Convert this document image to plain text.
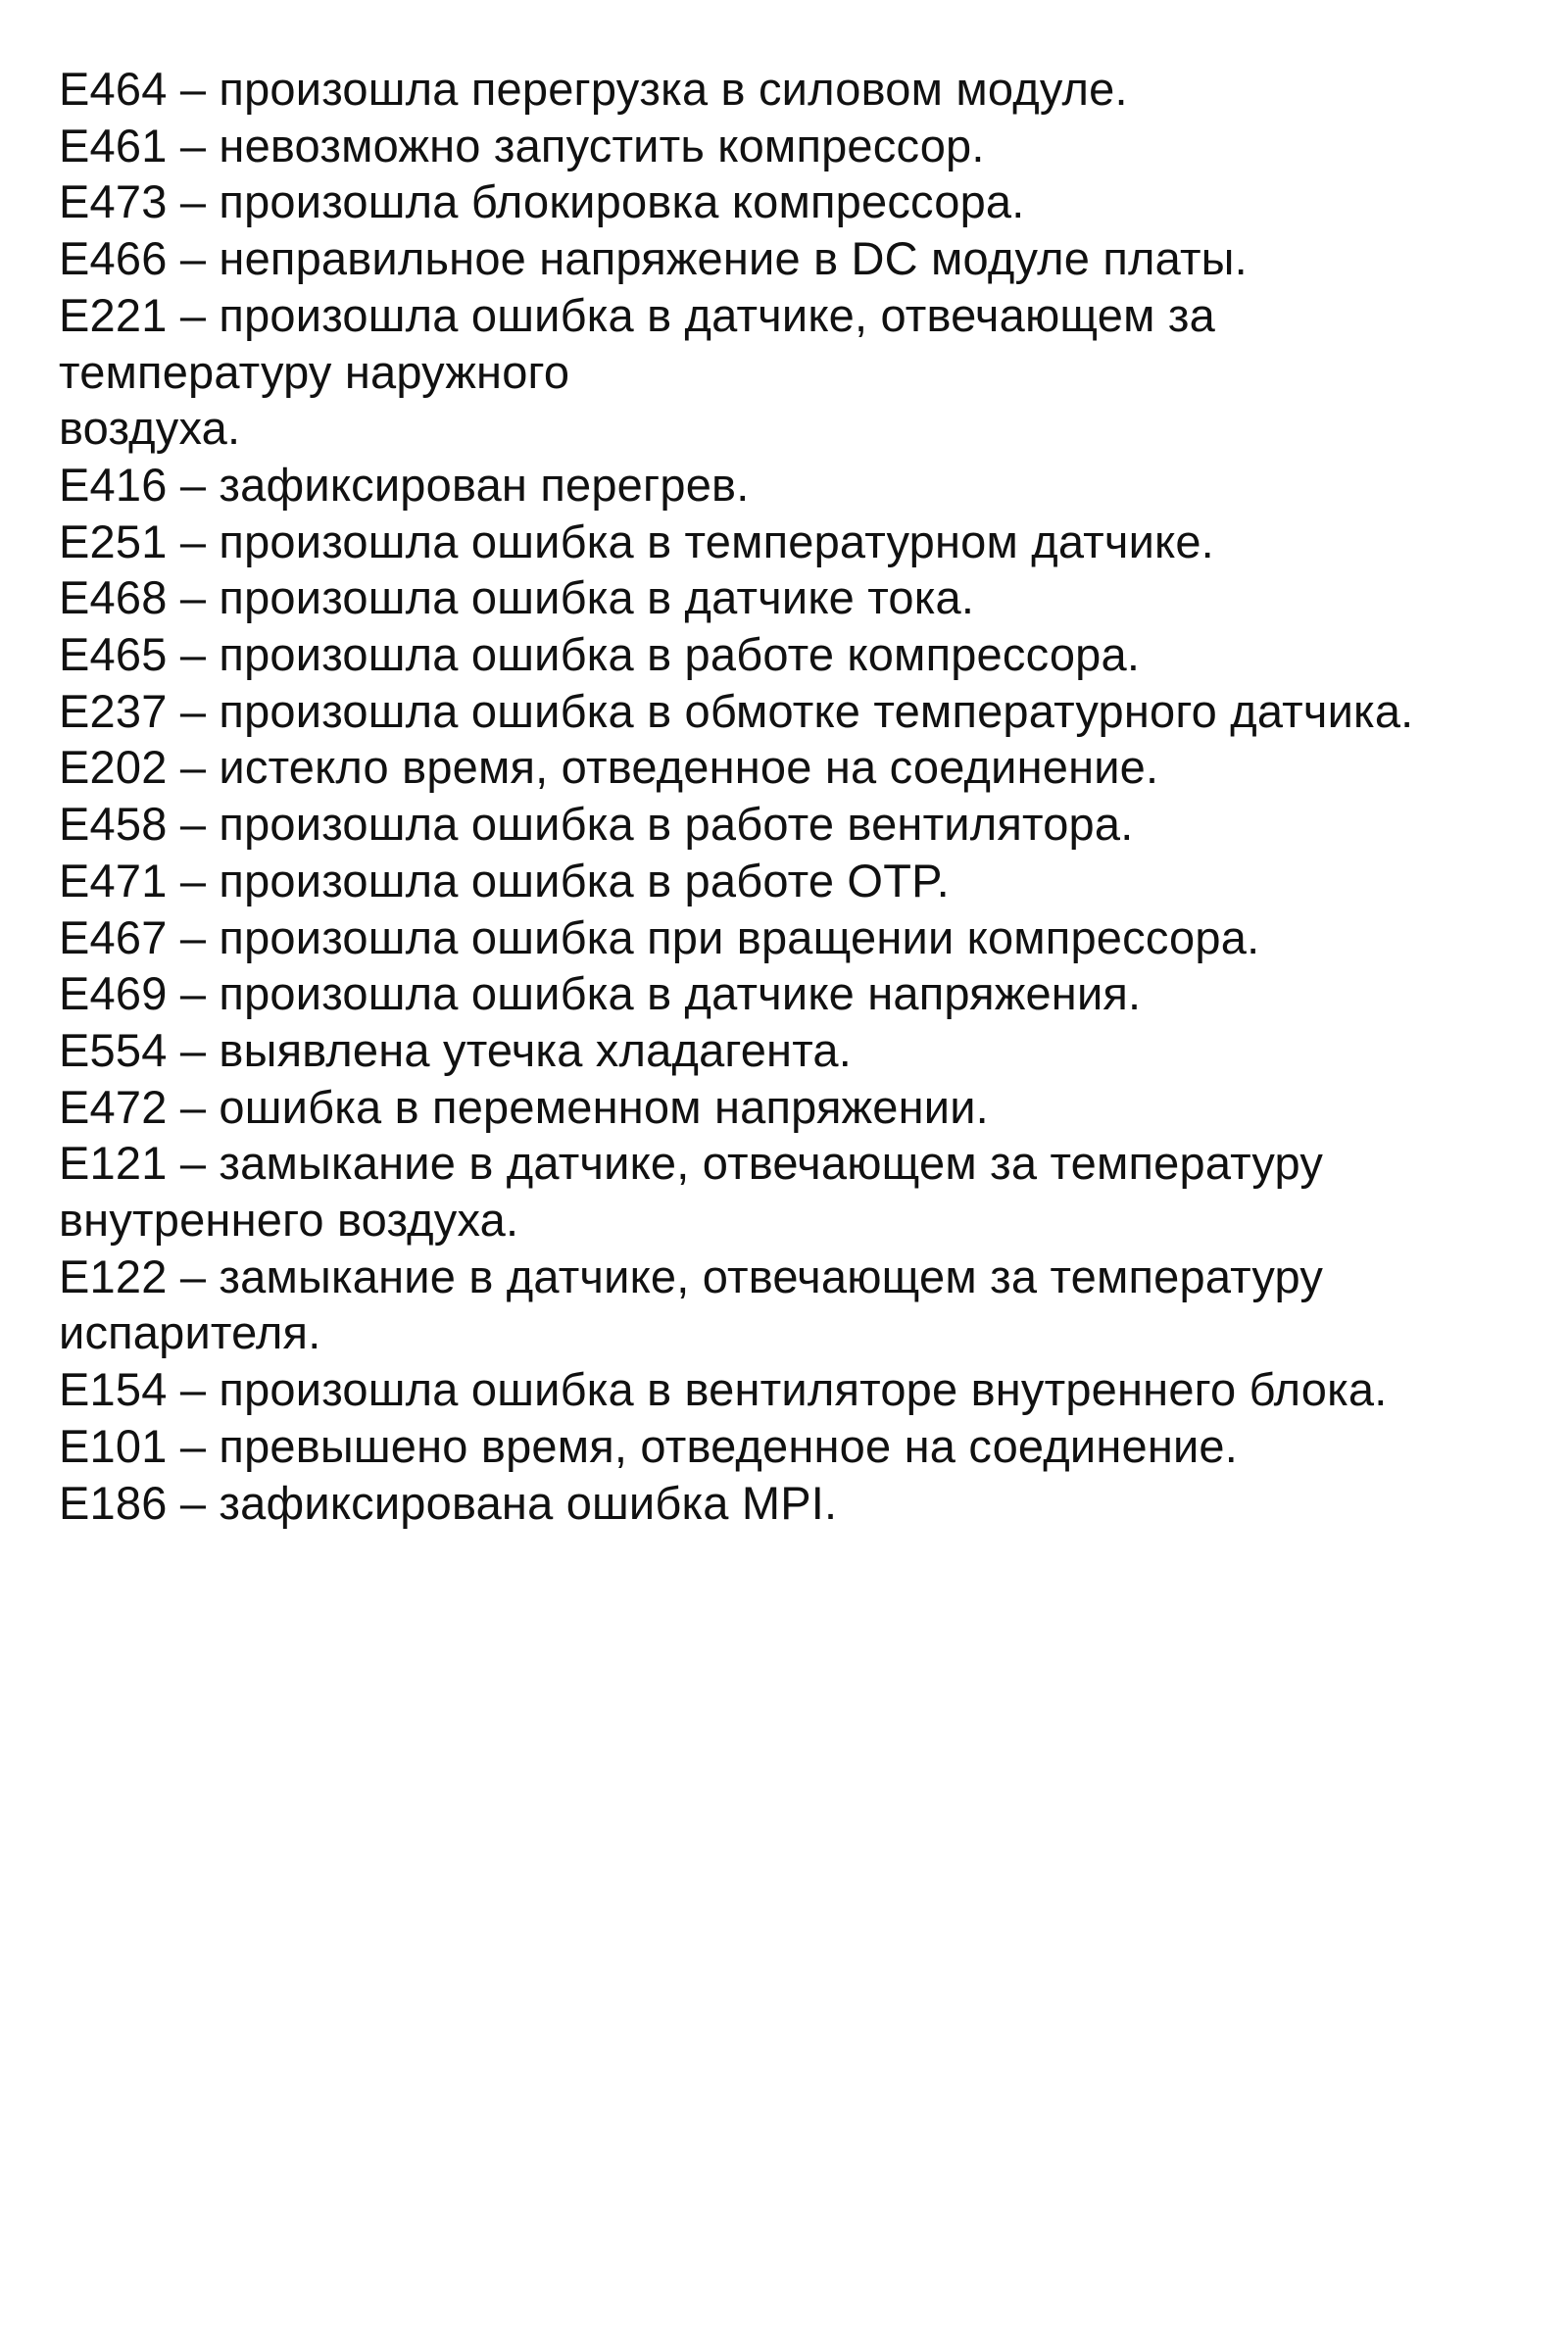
E464 – произошла перегрузка в силовом модуле.
E461 – невозможно запустить компрессор.
E473 – произошла блокировка компрессора.
E466 – неправильное напряжение в DC модуле платы.
E221 – произошла ошибка в датчике, отвечающем за
температуру наружного
воздуха.
E416 – зафиксирован перегрев.
E251 – произошла ошибка в температурном датчике.
E468 – произошла ошибка в датчике тока.
E465 – произошла ошибка в работе компрессора.
E237 – произошла ошибка в обмотке температурного датчика.
E202 – истекло время, отведенное на соединение.
E458 – произошла ошибка в работе вентилятора.
E471 – произошла ошибка в работе OTP.
E467 – произошла ошибка при вращении компрессора.
E469 – произошла ошибка в датчике напряжения.
E554 – выявлена утечка хладагента.
E472 – ошибка в переменном напряжении.
E121 – замыкание в датчике, отвечающем за температуру
внутреннего воздуха.
E122 – замыкание в датчике, отвечающем за температуру
испарителя.
E154 – произошла ошибка в вентиляторе внутреннего блока.
E101 – превышено время, отведенное на соединение.
E186 – зафиксирована ошибка MPI.
